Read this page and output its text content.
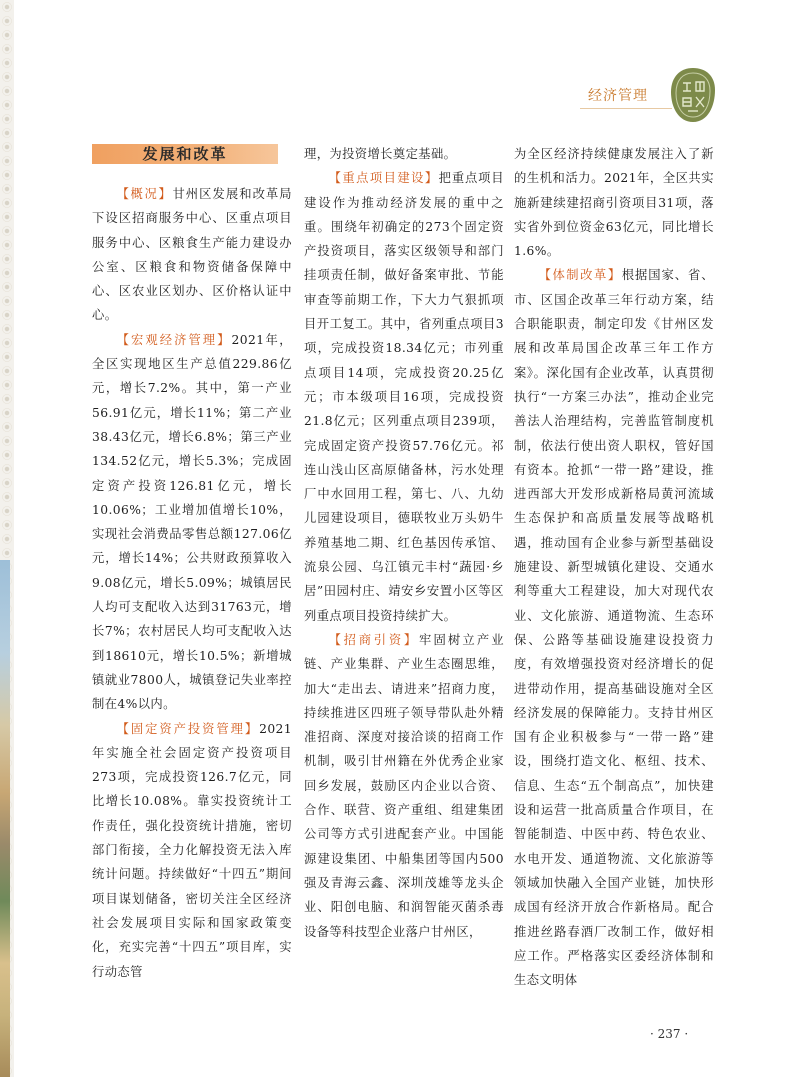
经济管理
发展和改革

【概况】甘州区发展和改革局下设区招商服务中心、区重点项目服务中心、区粮食生产能力建设办公室、区粮食和物资储备保障中心、区农业区划办、区价格认证中心。

【宏观经济管理】2021年，全区实现地区生产总值229.86亿元，增长7.2%。其中，第一产业56.91亿元，增长11%；第二产业38.43亿元，增长6.8%；第三产业134.52亿元，增长5.3%；完成固定资产投资126.81亿元，增长10.06%；工业增加值增长10%，实现社会消费品零售总额127.06亿元，增长14%；公共财政预算收入9.08亿元，增长5.09%；城镇居民人均可支配收入达到31763元，增长7%；农村居民人均可支配收入达到18610元，增长10.5%；新增城镇就业7800人，城镇登记失业率控制在4%以内。

【固定资产投资管理】2021年实施全社会固定资产投资项目273项，完成投资126.7亿元，同比增长10.08%。靠实投资统计工作责任，强化投资统计措施，密切部门衔接，全力化解投资无法入库统计问题。持续做好“十四五”期间项目谋划储备，密切关注全区经济社会发展项目实际和国家政策变化，充实完善“十四五”项目库，实行动态管

理，为投资增长奠定基础。

【重点项目建设】把重点项目建设作为推动经济发展的重中之重。围绕年初确定的273个固定资产投资项目，落实区级领导和部门挂项责任制，做好备案审批、节能审查等前期工作，下大力气狠抓项目开工复工。其中，省列重点项目3项，完成投资18.34亿元；市列重点项目14项，完成投资20.25亿元；市本级项目16项，完成投资21.8亿元；区列重点项目239项，完成固定资产投资57.76亿元。祁连山浅山区高原储备林，污水处理厂中水回用工程，第七、八、九幼儿园建设项目，德联牧业万头奶牛养殖基地二期、红色基因传承馆、流泉公园、乌江镇元丰村“蔬园·乡居”田园村庄、靖安乡安置小区等区列重点项目投资持续扩大。

【招商引资】牢固树立产业链、产业集群、产业生态圈思维，加大“走出去、请进来”招商力度，持续推进区四班子领导带队赴外精准招商、深度对接洽谈的招商工作机制，吸引甘州籍在外优秀企业家回乡发展，鼓励区内企业以合资、合作、联营、资产重组、组建集团公司等方式引进配套产业。中国能源建设集团、中船集团等国内500强及青海云鑫、深圳茂雄等龙头企业、阳创电脑、和润智能灭菌杀毒设备等科技型企业落户甘州区，

为全区经济持续健康发展注入了新的生机和活力。2021年，全区共实施新建续建招商引资项目31项，落实省外到位资金63亿元，同比增长1.6%。

【体制改革】根据国家、省、市、区国企改革三年行动方案，结合职能职责，制定印发《甘州区发展和改革局国企改革三年工作方案》。深化国有企业改革，认真贯彻执行“一方案三办法”，推动企业完善法人治理结构，完善监管制度机制，依法行使出资人职权，管好国有资本。抢抓“一带一路”建设，推进西部大开发形成新格局黄河流域生态保护和高质量发展等战略机遇，推动国有企业参与新型基础设施建设、新型城镇化建设、交通水利等重大工程建设，加大对现代农业、文化旅游、通道物流、生态环保、公路等基础设施建设投资力度，有效增强投资对经济增长的促进带动作用，提高基础设施对全区经济发展的保障能力。支持甘州区国有企业积极参与“一带一路”建设，围绕打造文化、枢纽、技术、信息、生态“五个制高点”，加快建设和运营一批高质量合作项目，在智能制造、中医中药、特色农业、水电开发、通道物流、文化旅游等领域加快融入全国产业链，加快形成国有经济开放合作新格局。配合推进丝路春酒厂改制工作，做好相应工作。严格落实区委经济体制和生态文明体

· 237 ·
